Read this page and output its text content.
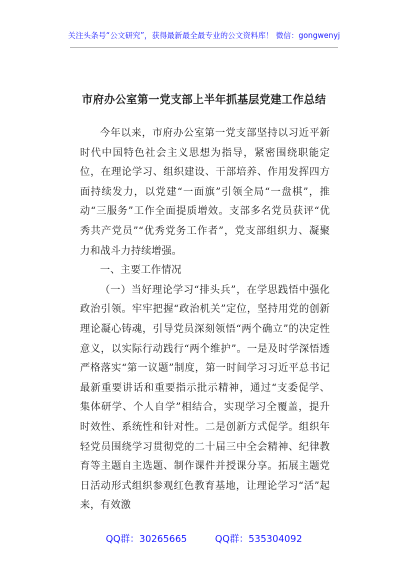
关注头条号“公文研究”，获得最新最全最专业的公文资料库！ 微信：gongwenyj
市府办公室第一党支部上半年抓基层党建工作总结

今年以来，市府办公室第一党支部坚持以习近平新时代中国特色社会主义思想为指导，紧密围绕职能定位，在理论学习、组织建设、干部培养、作用发挥四方面持续发力，以党建“一面旗”引领全局“一盘棋”，推动“三服务”工作全面提质增效。支部多名党员获评“优秀共产党员”“优秀党务工作者”，党支部组织力、凝聚力和战斗力持续增强。

一、主要工作情况

（一）当好理论学习“排头兵”，在学思践悟中强化政治引领。牢牢把握“政治机关”定位，坚持用党的创新理论凝心铸魂，引导党员深刻领悟“两个确立”的决定性意义，以实际行动践行“两个维护”。一是及时学深悟透严格落实“第一议题”制度，第一时间学习习近平总书记最新重要讲话和重要指示批示精神，通过“支委促学、集体研学、个人自学”相结合，实现学习全覆盖，提升时效性、系统性和针对性。二是创新方式促学。组织年轻党员围绕学习贯彻党的二十届三中全会精神、纪律教育等主题自主选题、制作课件并授课分享。拓展主题党日活动形式组织参观红色教育基地，让理论学习“活”起来，有效激

QQ群：30265665	QQ群：535304092
